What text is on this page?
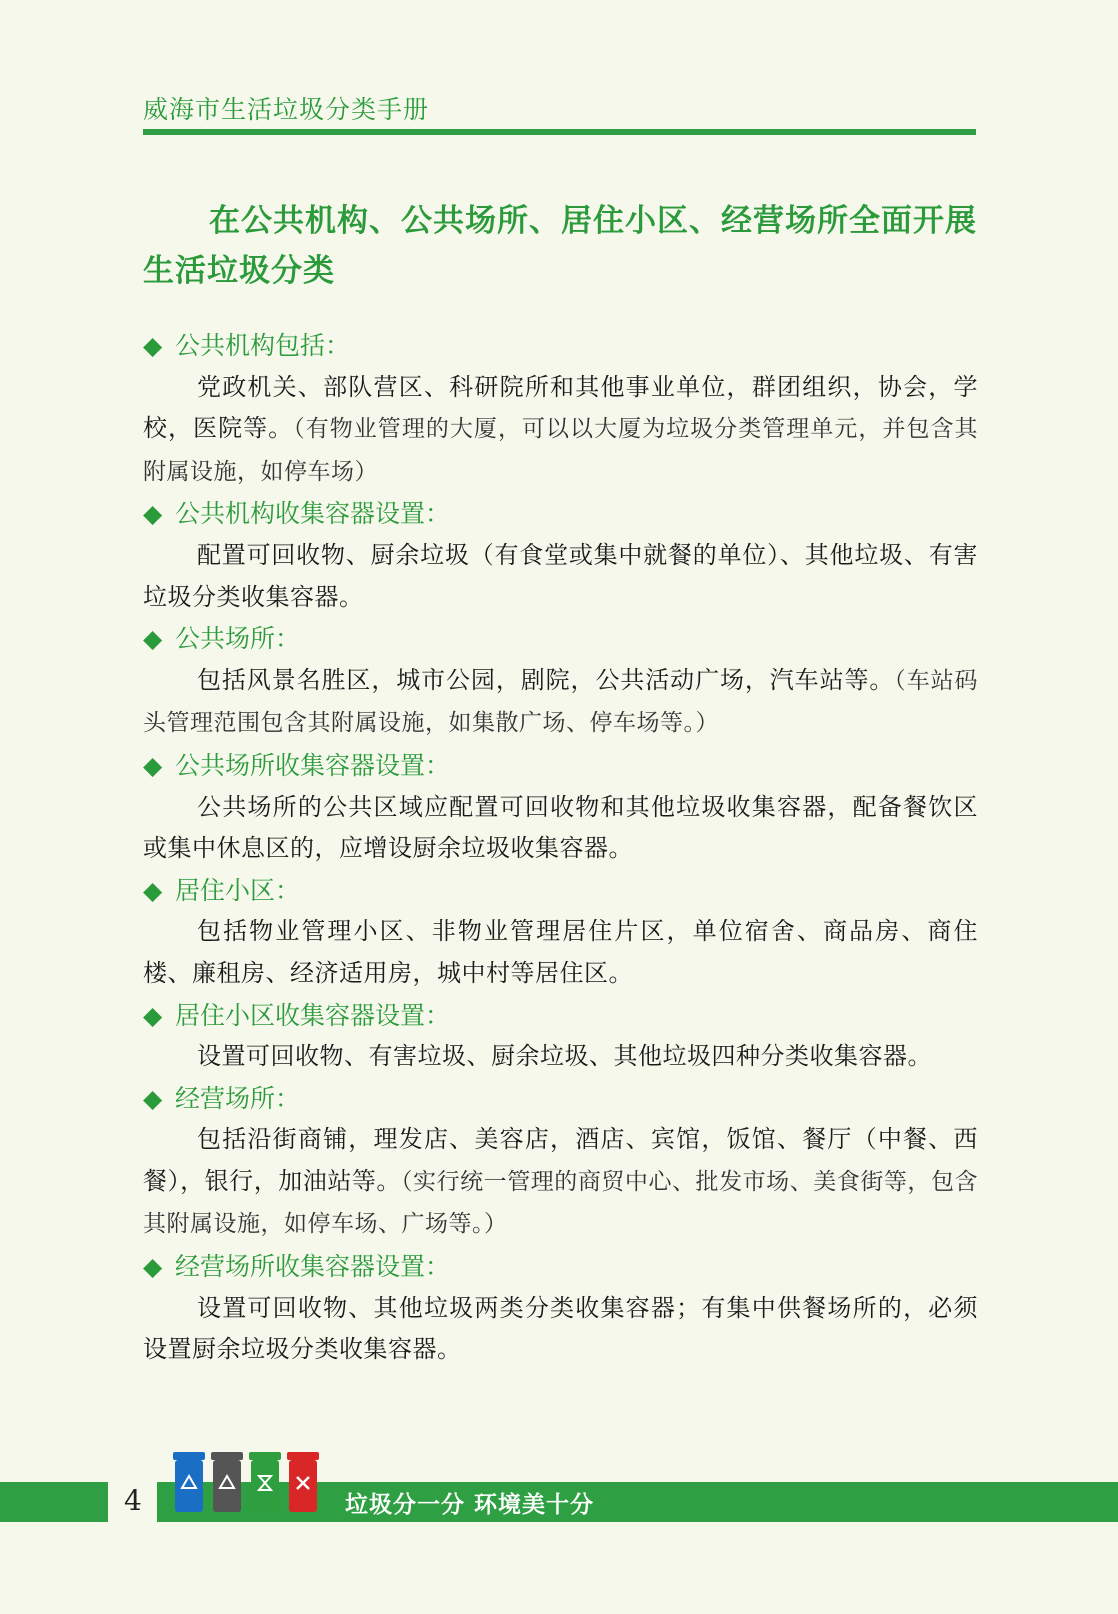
威海市生活垃圾分类手册
在公共机构、公共场所、居住小区、经营场所全面开展生活垃圾分类

◆ 公共机构包括：

党政机关、部队营区、科研院所和其他事业单位，群团组织，协会，学校，医院等。（有物业管理的大厦，可以以大厦为垃圾分类管理单元，并包含其附属设施，如停车场）

◆ 公共机构收集容器设置：

配置可回收物、厨余垃圾（有食堂或集中就餐的单位）、其他垃圾、有害垃圾分类收集容器。

◆ 公共场所：

包括风景名胜区，城市公园，剧院，公共活动广场，汽车站等。（车站码头管理范围包含其附属设施，如集散广场、停车场等。）

◆ 公共场所收集容器设置：

公共场所的公共区域应配置可回收物和其他垃圾收集容器，配备餐饮区或集中休息区的，应增设厨余垃圾收集容器。

◆ 居住小区：

包括物业管理小区、非物业管理居住片区，单位宿舍、商品房、商住楼、廉租房、经济适用房，城中村等居住区。

◆ 居住小区收集容器设置：

设置可回收物、有害垃圾、厨余垃圾、其他垃圾四种分类收集容器。

◆ 经营场所：

包括沿街商铺，理发店、美容店，酒店、宾馆，饭馆、餐厅（中餐、西餐），银行，加油站等。（实行统一管理的商贸中心、批发市场、美食街等，包含其附属设施，如停车场、广场等。）

◆ 经营场所收集容器设置：

设置可回收物、其他垃圾两类分类收集容器；有集中供餐场所的，必须设置厨余垃圾分类收集容器。

4	垃圾分一分 环境美十分
